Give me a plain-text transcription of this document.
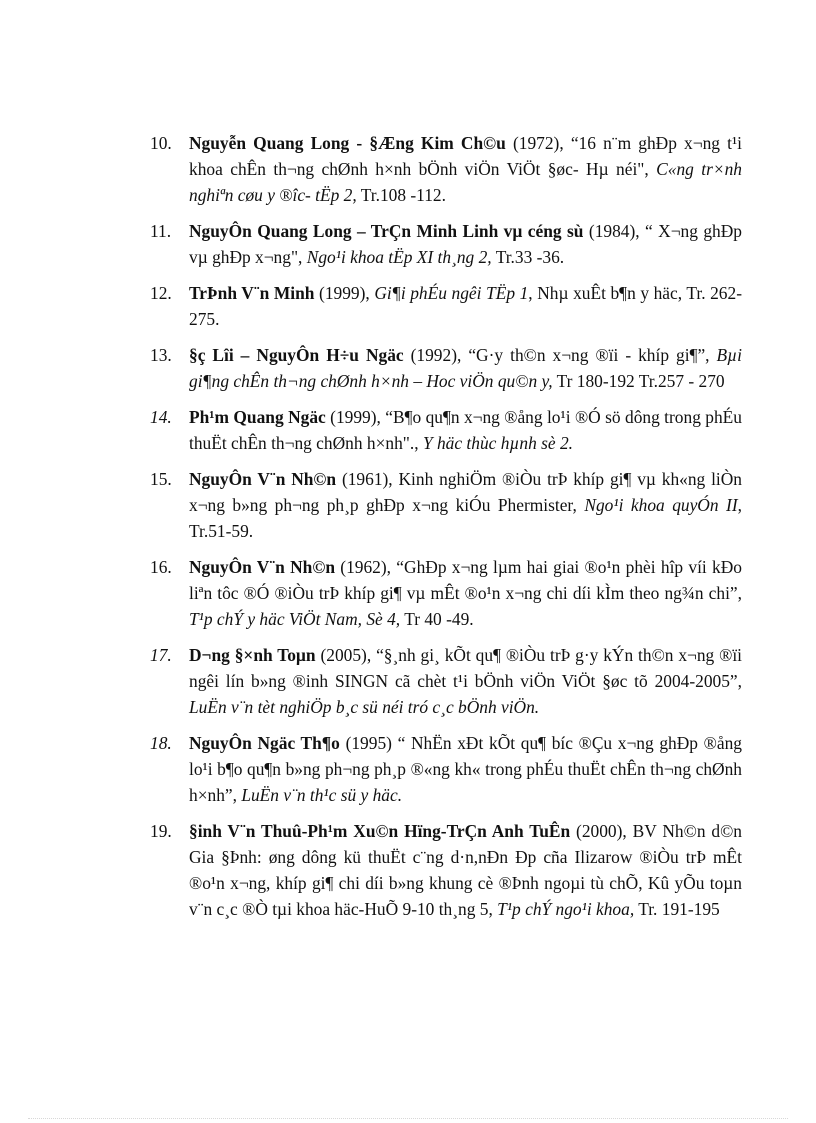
10. Nguyễn Quang Long - §Æng Kim Ch©u (1972), “16 n¨m ghÐp x¬ng t¹i khoa chÊn th¬ng chØnh h×nh bÖnh viÖn ViÖt §øc- Hµ néi", C«ng tr×nh nghiªn cøu y ®îc- tËp 2, Tr.108 -112.
11. NguyÔn Quang Long – TrÇn Minh Linh vµ céng sù (1984), “ X¬ng ghÐp vµ ghÐp x¬ng", Ngo¹i khoa tËp XI th¸ng 2, Tr.33 -36.
12. TrÞnh V¨n Minh (1999), Gi¶i phÉu ngêi TËp 1, Nhµ xuÊt b¶n y häc, Tr. 262-275.
13. §ç Lîi – NguyÔn H÷u Ngäc (1992), “G·y th©n x¬ng ®ïi - khíp gi¶”, Bµi gi¶ng chÊn th¬ng chØnh h×nh – Hoc viÖn qu©n y, Tr 180-192 Tr.257 - 270
14. Ph¹m Quang Ngäc (1999), “B¶o qu¶n x¬ng ®ång lo¹i ®Ó sö dông trong phÉu thuËt chÊn th¬ng chØnh h×nh"., Y häc thùc hµnh sè 2.
15. NguyÔn V¨n Nh©n (1961), Kinh nghiÖm ®iÒu trÞ khíp gi¶ vµ kh«ng liÒn x¬ng b»ng ph¬ng ph¸p ghÐp x¬ng kiÓu Phermister, Ngo¹i khoa quyÓn II, Tr.51-59.
16. NguyÔn V¨n Nh©n (1962), “GhÐp x¬ng lµm hai giai ®o¹n phèi hîp víi kÐo liªn tôc ®Ó ®iÒu trÞ khíp gi¶ vµ mÊt ®o¹n x¬ng chi díi kÌm theo ng¾n chi”, T¹p chÝ y häc ViÖt Nam, Sè 4, Tr 40 -49.
17. D¬ng §×nh Toµn (2005), “§¸nh gi¸ kÕt qu¶ ®iÒu trÞ g·y kÝn th©n x¬ng ®ïi ngêi lín b»ng ®inh SINGN cã chèt t¹i bÖnh viÖn ViÖt §øc tõ 2004-2005”, LuËn v¨n tèt nghiÖp b¸c sü néi tró c¸c bÖnh viÖn.
18. NguyÔn Ngäc Th¶o (1995) “ NhËn xÐt kÕt qu¶ bíc ®Çu x¬ng ghÐp ®ång lo¹i b¶o qu¶n b»ng ph¬ng ph¸p ®«ng kh« trong phÉu thuËt chÊn th¬ng chØnh h×nh”, LuËn v¨n th¹c sü y häc.
19. §inh V¨n Thuû-Ph¹m Xu©n Hïng-TrÇn Anh TuÊn (2000), BV Nh©n d©n Gia §Þnh: øng dông kü thuËt c¨ng d·n,nÐn Ðp cña Ilizarow ®iÒu trÞ mÊt ®o¹n x¬ng, khíp gi¶ chi díi b»ng khung cè ®Þnh ngoµi tù chÕ, Kû yÕu toµn v¨n c¸c ®Ò tµi khoa häc-HuÕ 9-10 th¸ng 5, T¹p chÝ ngo¹i khoa, Tr. 191-195
